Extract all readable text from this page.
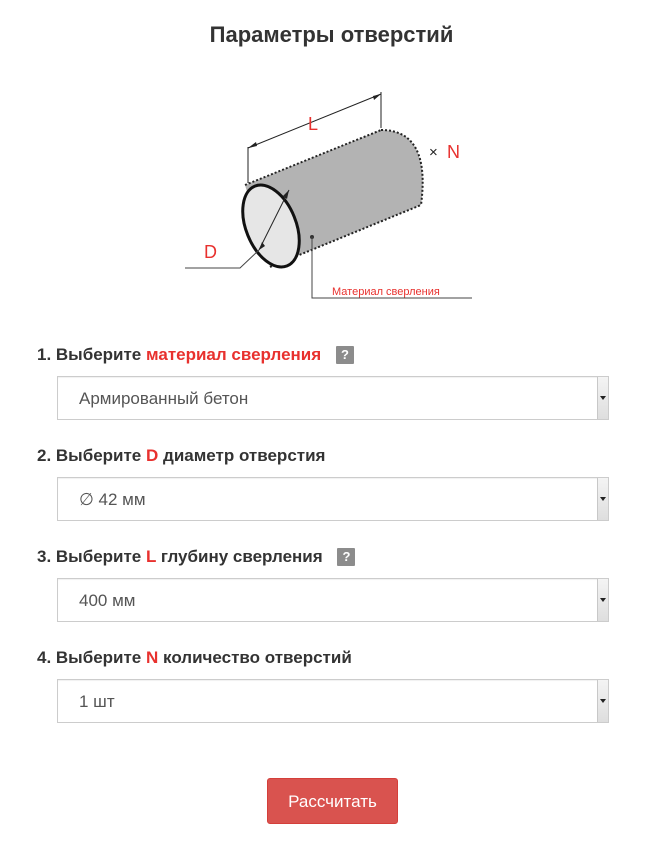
Параметры отверстий
D
L
× N
Материал сверления
1. Выберите материал сверления ?
Армированный бетон
2. Выберите D диаметр отверстия
∅ 42 мм
3. Выберите L глубину сверления ?
400 мм
4. Выберите N количество отверстий
1 шт
Рассчитать
